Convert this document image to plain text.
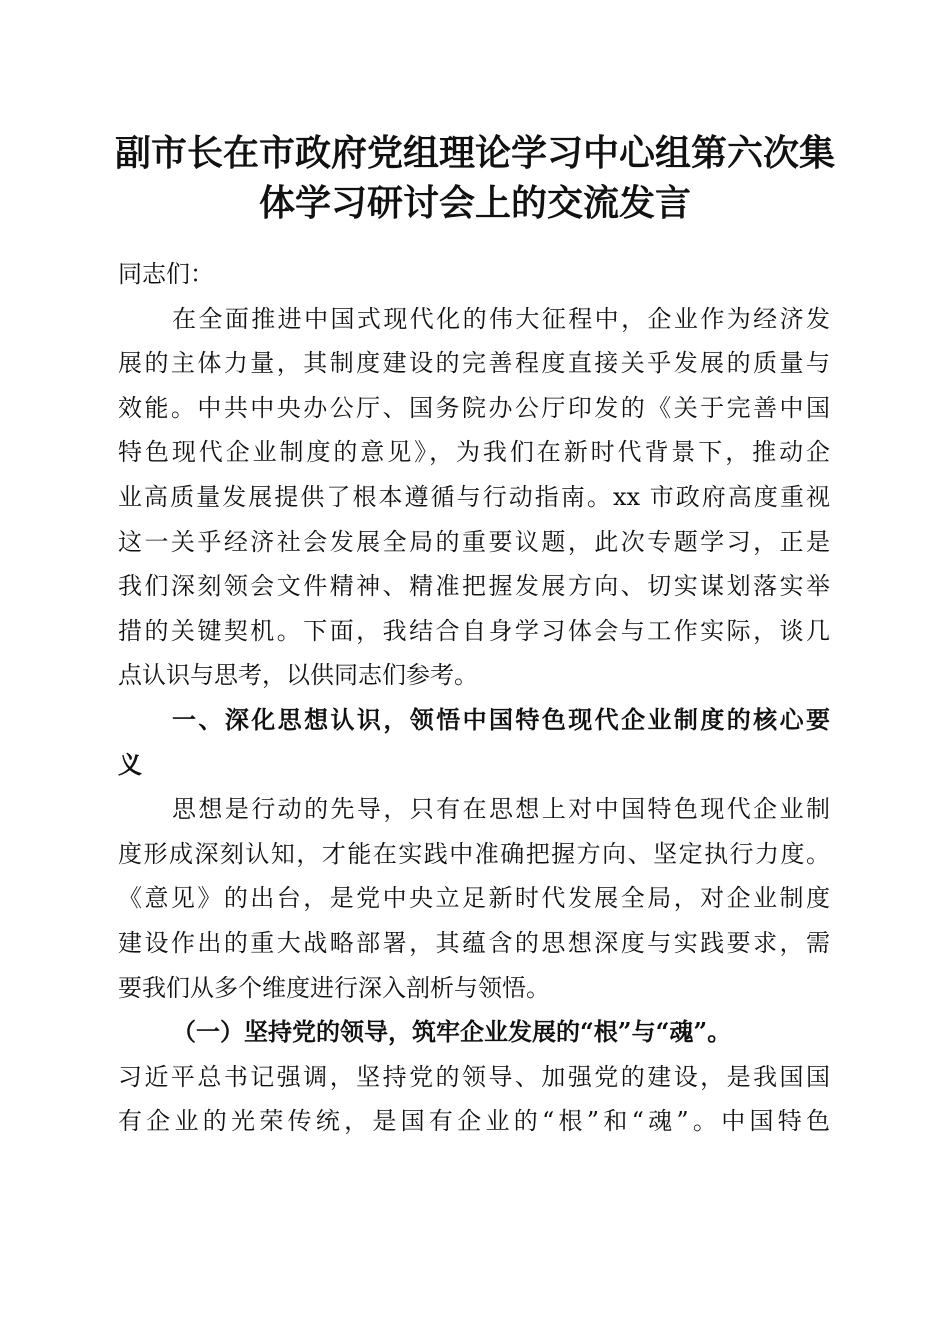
副市长在市政府党组理论学习中心组第六次集
体学习研讨会上的交流发言
同志们：
在全面推进中国式现代化的伟大征程中，企业作为经济发
展的主体力量，其制度建设的完善程度直接关乎发展的质量与
效能。中共中央办公厅、国务院办公厅印发的《关于完善中国
特色现代企业制度的意见》，为我们在新时代背景下，推动企
业高质量发展提供了根本遵循与行动指南。xx 市政府高度重视
这一关乎经济社会发展全局的重要议题，此次专题学习，正是
我们深刻领会文件精神、精准把握发展方向、切实谋划落实举
措的关键契机。下面，我结合自身学习体会与工作实际，谈几
点认识与思考，以供同志们参考。
一、深化思想认识，领悟中国特色现代企业制度的核心要
义
思想是行动的先导，只有在思想上对中国特色现代企业制
度形成深刻认知，才能在实践中准确把握方向、坚定执行力度。
《意见》的出台，是党中央立足新时代发展全局，对企业制度
建设作出的重大战略部署，其蕴含的思想深度与实践要求，需
要我们从多个维度进行深入剖析与领悟。
（一）坚持党的领导，筑牢企业发展的“根”与“魂”。
习近平总书记强调，坚持党的领导、加强党的建设，是我国国
有企业的光荣传统，是国有企业的“根”和“魂”。中国特色
